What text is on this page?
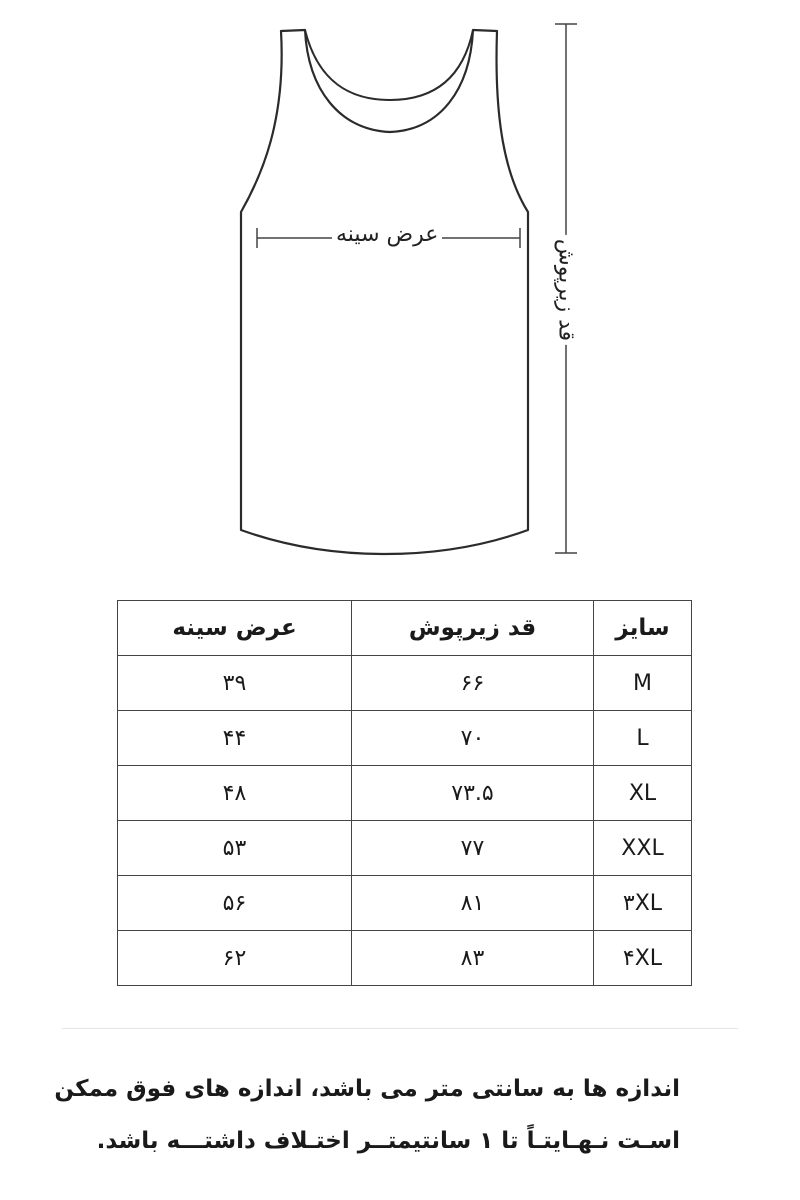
عرض سینه
قد زیرپوش
سایز	قد زیرپوش	عرض سینه
M	۶۶	۳۹
L	۷۰	۴۴
XL	۷۳.۵	۴۸
XXL	۷۷	۵۳
۳XL	۸۱	۵۶
۴XL	۸۳	۶۲
اندازه ها به سانتی متر می باشد، اندازه های فوق ممکن
اسـت نـهـایتـاً تا ۱ سانتیمتــر اختـلاف داشتـــه باشد.
